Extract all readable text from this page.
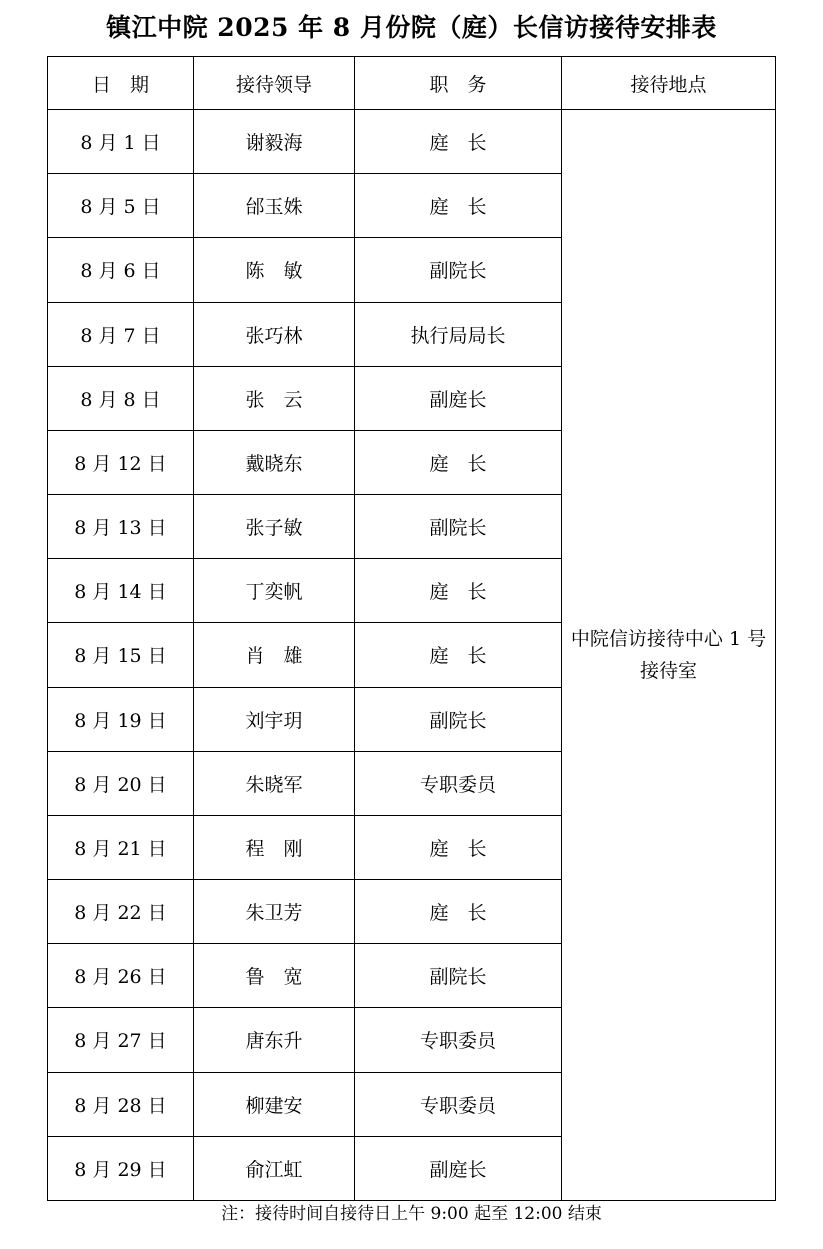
镇江中院 2025 年 8 月份院（庭）长信访接待安排表
日　期	接待领导	职　务	接待地点
8 月 1 日	谢毅海	庭　长	中院信访接待中心 1 号接待室
8 月 5 日	邰玉姝	庭　长	
8 月 6 日	陈　敏	副院长	
8 月 7 日	张巧林	执行局局长	
8 月 8 日	张　云	副庭长	
8 月 12 日	戴晓东	庭　长	
8 月 13 日	张子敏	副院长	
8 月 14 日	丁奕帆	庭　长	
8 月 15 日	肖　雄	庭　长	
8 月 19 日	刘宇玥	副院长	
8 月 20 日	朱晓军	专职委员	
8 月 21 日	程　刚	庭　长	
8 月 22 日	朱卫芳	庭　长	
8 月 26 日	鲁　宽	副院长	
8 月 27 日	唐东升	专职委员	
8 月 28 日	柳建安	专职委员	
8 月 29 日	俞江虹	副庭长	
注：接待时间自接待日上午 9:00 起至 12:00 结束
